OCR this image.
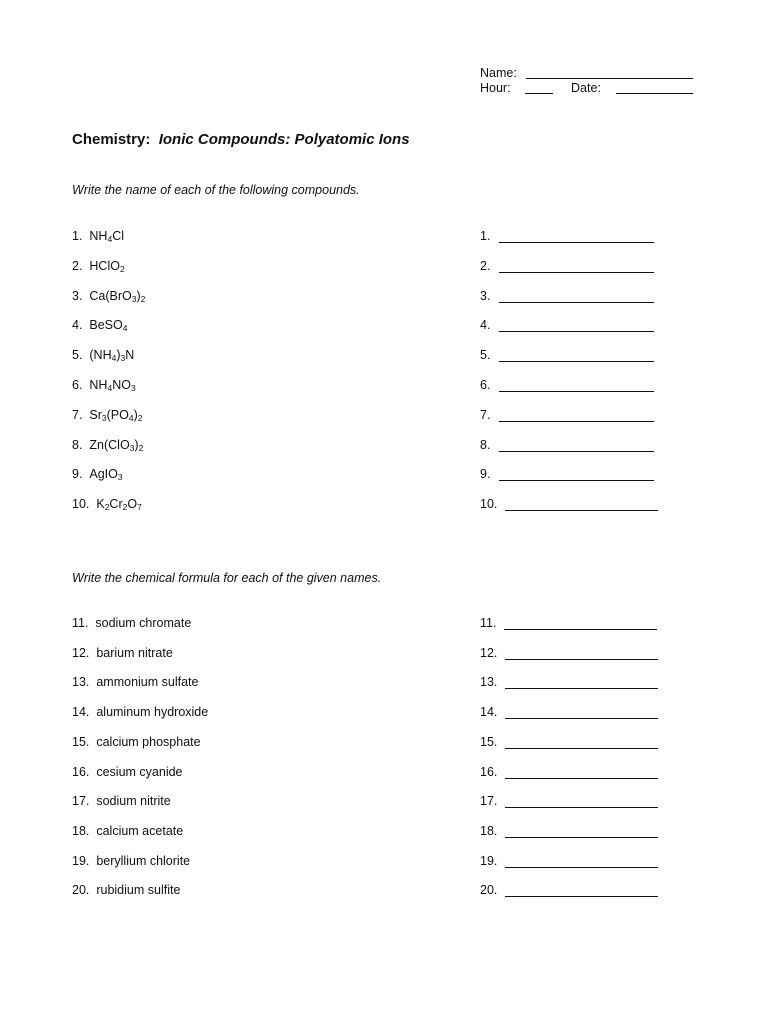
Name:
Hour:	Date:
Chemistry: Ionic Compounds: Polyatomic Ions
Write the name of each of the following compounds.
1. $NH_4Cl$	1.
2. HClO$_2$	2.
3. $Ca(BrO_3)_2$	3.
4. BeSO$_4$	4.
5. $(NH_4)_3N$	5.
6. $NH_4NO_3$	6.
7. $Sr_3(PO_4)_2$	7.
8. $Zn(ClO_3)_2$	8.
9. AgIO$_3$	9.
10. $K_2Cr_2O_7$	10.
Write the chemical formula for each of the given names.
11. sodium chromate	11.
12. barium nitrate	12.
13. ammonium sulfate	13.
14. aluminum hydroxide	14.
15. calcium phosphate	15.
16. cesium cyanide	16.
17. sodium nitrite	17.
18. calcium acetate	18.
19. beryllium chlorite	19.
20. rubidium sulfite	20.
